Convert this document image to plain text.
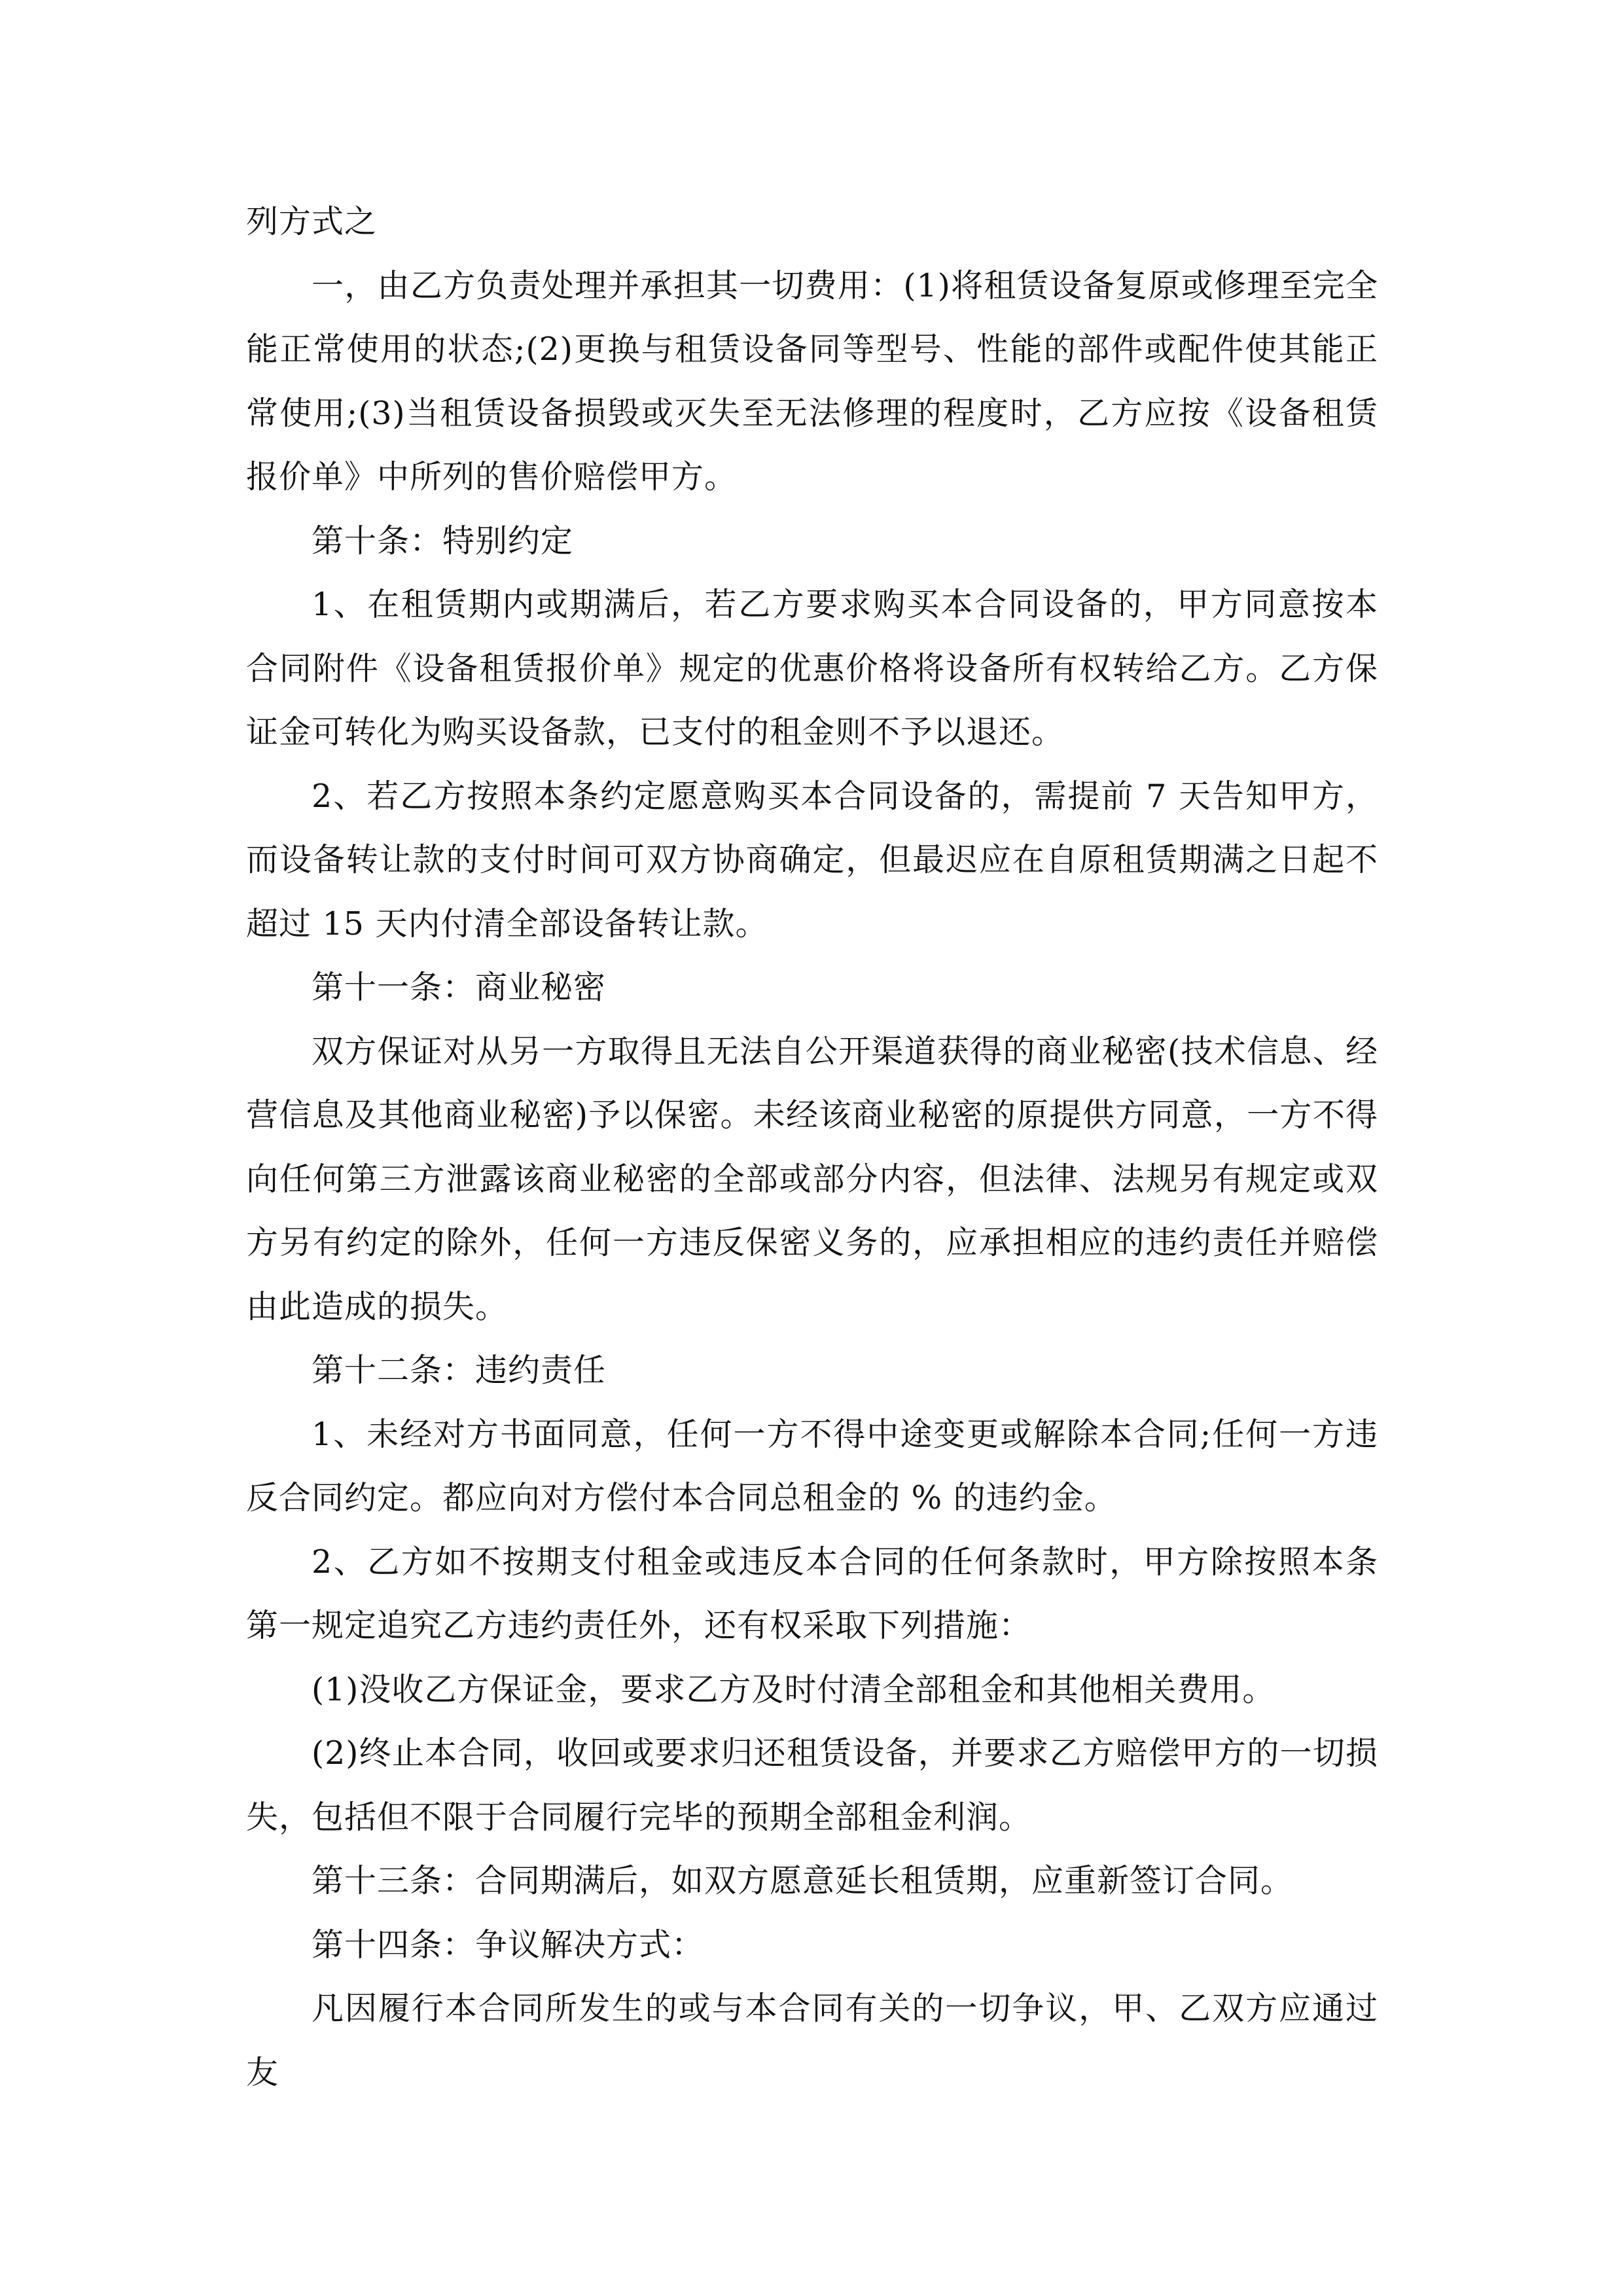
列方式之

一，由乙方负责处理并承担其一切费用：(1)将租赁设备复原或修理至完全能正常使用的状态;(2)更换与租赁设备同等型号、性能的部件或配件使其能正常使用;(3)当租赁设备损毁或灭失至无法修理的程度时，乙方应按《设备租赁报价单》中所列的售价赔偿甲方。

第十条：特别约定

1、在租赁期内或期满后，若乙方要求购买本合同设备的，甲方同意按本合同附件《设备租赁报价单》规定的优惠价格将设备所有权转给乙方。乙方保证金可转化为购买设备款，已支付的租金则不予以退还。

2、若乙方按照本条约定愿意购买本合同设备的，需提前 7 天告知甲方，而设备转让款的支付时间可双方协商确定，但最迟应在自原租赁期满之日起不超过 15 天内付清全部设备转让款。

第十一条：商业秘密

双方保证对从另一方取得且无法自公开渠道获得的商业秘密(技术信息、经营信息及其他商业秘密)予以保密。未经该商业秘密的原提供方同意，一方不得向任何第三方泄露该商业秘密的全部或部分内容，但法律、法规另有规定或双方另有约定的除外，任何一方违反保密义务的，应承担相应的违约责任并赔偿由此造成的损失。

第十二条：违约责任

1、未经对方书面同意，任何一方不得中途变更或解除本合同;任何一方违反合同约定。都应向对方偿付本合同总租金的 % 的违约金。

2、乙方如不按期支付租金或违反本合同的任何条款时，甲方除按照本条第一规定追究乙方违约责任外，还有权采取下列措施：

(1)没收乙方保证金，要求乙方及时付清全部租金和其他相关费用。

(2)终止本合同，收回或要求归还租赁设备，并要求乙方赔偿甲方的一切损失，包括但不限于合同履行完毕的预期全部租金利润。

第十三条：合同期满后，如双方愿意延长租赁期，应重新签订合同。

第十四条：争议解决方式：

凡因履行本合同所发生的或与本合同有关的一切争议，甲、乙双方应通过友
